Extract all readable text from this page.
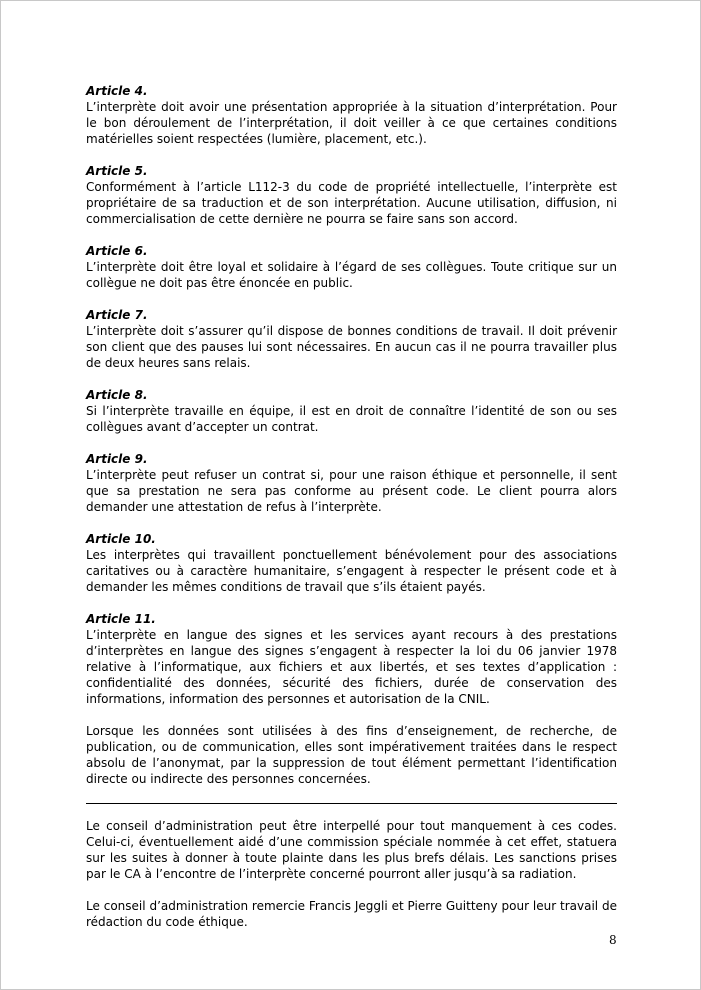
Article 4.

L’interprète doit avoir une présentation appropriée à la situation d’interprétation. Pour le bon déroulement de l’interprétation, il doit veiller à ce que certaines conditions matérielles soient respectées (lumière, placement, etc.).

Article 5.

Conformément à l’article L112-3 du code de propriété intellectuelle, l’interprète est propriétaire de sa traduction et de son interprétation. Aucune utilisation, diffusion, ni commercialisation de cette dernière ne pourra se faire sans son accord.

Article 6.

L’interprète doit être loyal et solidaire à l’égard de ses collègues. Toute critique sur un collègue ne doit pas être énoncée en public.

Article 7.

L’interprète doit s’assurer qu’il dispose de bonnes conditions de travail. Il doit prévenir son client que des pauses lui sont nécessaires. En aucun cas il ne pourra travailler plus de deux heures sans relais.

Article 8.

Si l’interprète travaille en équipe, il est en droit de connaître l’identité de son ou ses collègues avant d’accepter un contrat.

Article 9.

L’interprète peut refuser un contrat si, pour une raison éthique et personnelle, il sent que sa prestation ne sera pas conforme au présent code. Le client pourra alors demander une attestation de refus à l’interprète.

Article 10.

Les interprètes qui travaillent ponctuellement bénévolement pour des associations caritatives ou à caractère humanitaire, s’engagent à respecter le présent code et à demander les mêmes conditions de travail que s’ils étaient payés.

Article 11.

L’interprète en langue des signes et les services ayant recours à des prestations d’interprètes en langue des signes s’engagent à respecter la loi du 06 janvier 1978 relative à l’informatique, aux fichiers et aux libertés, et ses textes d’application : confidentialité des données, sécurité des fichiers, durée de conservation des informations, information des personnes et autorisation de la CNIL.

Lorsque les données sont utilisées à des fins d’enseignement, de recherche, de publication, ou de communication, elles sont impérativement traitées dans le respect absolu de l’anonymat, par la suppression de tout élément permettant l’identification directe ou indirecte des personnes concernées.

Le conseil d’administration peut être interpellé pour tout manquement à ces codes. Celui-ci, éventuellement aidé d’une commission spéciale nommée à cet effet, statuera sur les suites à donner à toute plainte dans les plus brefs délais. Les sanctions prises par le CA à l’encontre de l’interprète concerné pourront aller jusqu’à sa radiation.

Le conseil d’administration remercie Francis Jeggli et Pierre Guitteny pour leur travail de rédaction du code éthique.

8
